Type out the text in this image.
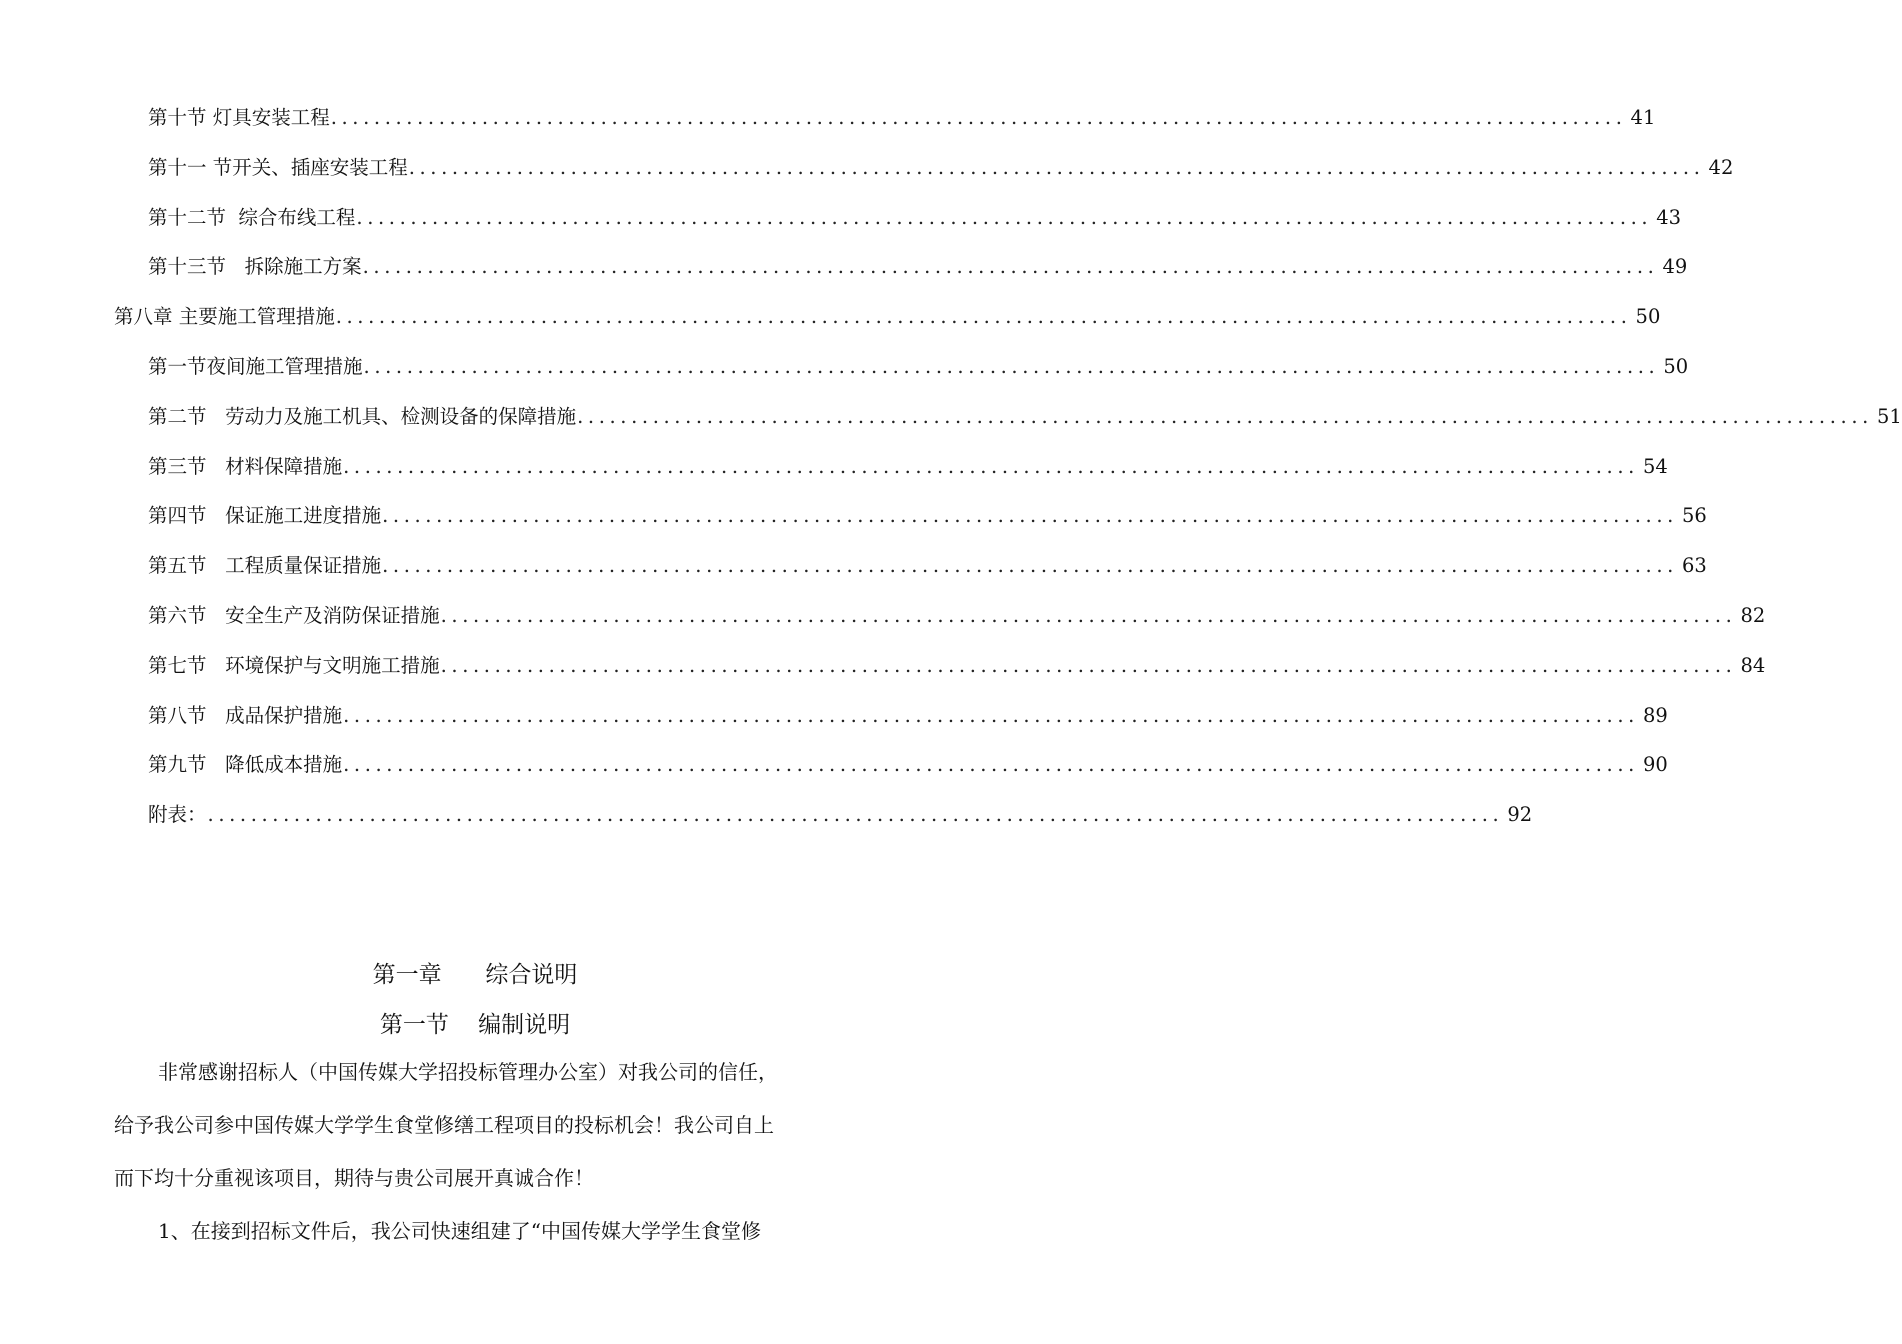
第十节 灯具安装工程 ........................................................................................................................ 41
第十一 节开关、插座安装工程 ........................................................................................................................ 42
第十二节  综合布线工程 ........................................................................................................................ 43
第十三节   拆除施工方案 ........................................................................................................................ 49
第八章 主要施工管理措施 ........................................................................................................................ 50
第一节夜间施工管理措施 ........................................................................................................................ 50
第二节   劳动力及施工机具、检测设备的保障措施 ........................................................................................................................ 51
第三节   材料保障措施 ........................................................................................................................ 54
第四节   保证施工进度措施 ........................................................................................................................ 56
第五节   工程质量保证措施 ........................................................................................................................ 63
第六节   安全生产及消防保证措施 ........................................................................................................................ 82
第七节   环境保护与文明施工措施 ........................................................................................................................ 84
第八节   成品保护措施 ........................................................................................................................ 89
第九节   降低成本措施 ........................................................................................................................ 90
附表： ........................................................................................................................ 92
第一章      综合说明
第一节    编制说明
非常感谢招标人（中国传媒大学招投标管理办公室）对我公司的信任，
给予我公司参中国传媒大学学生食堂修缮工程项目的投标机会！我公司自上
而下均十分重视该项目，期待与贵公司展开真诚合作！
1、在接到招标文件后，我公司快速组建了“中国传媒大学学生食堂修
